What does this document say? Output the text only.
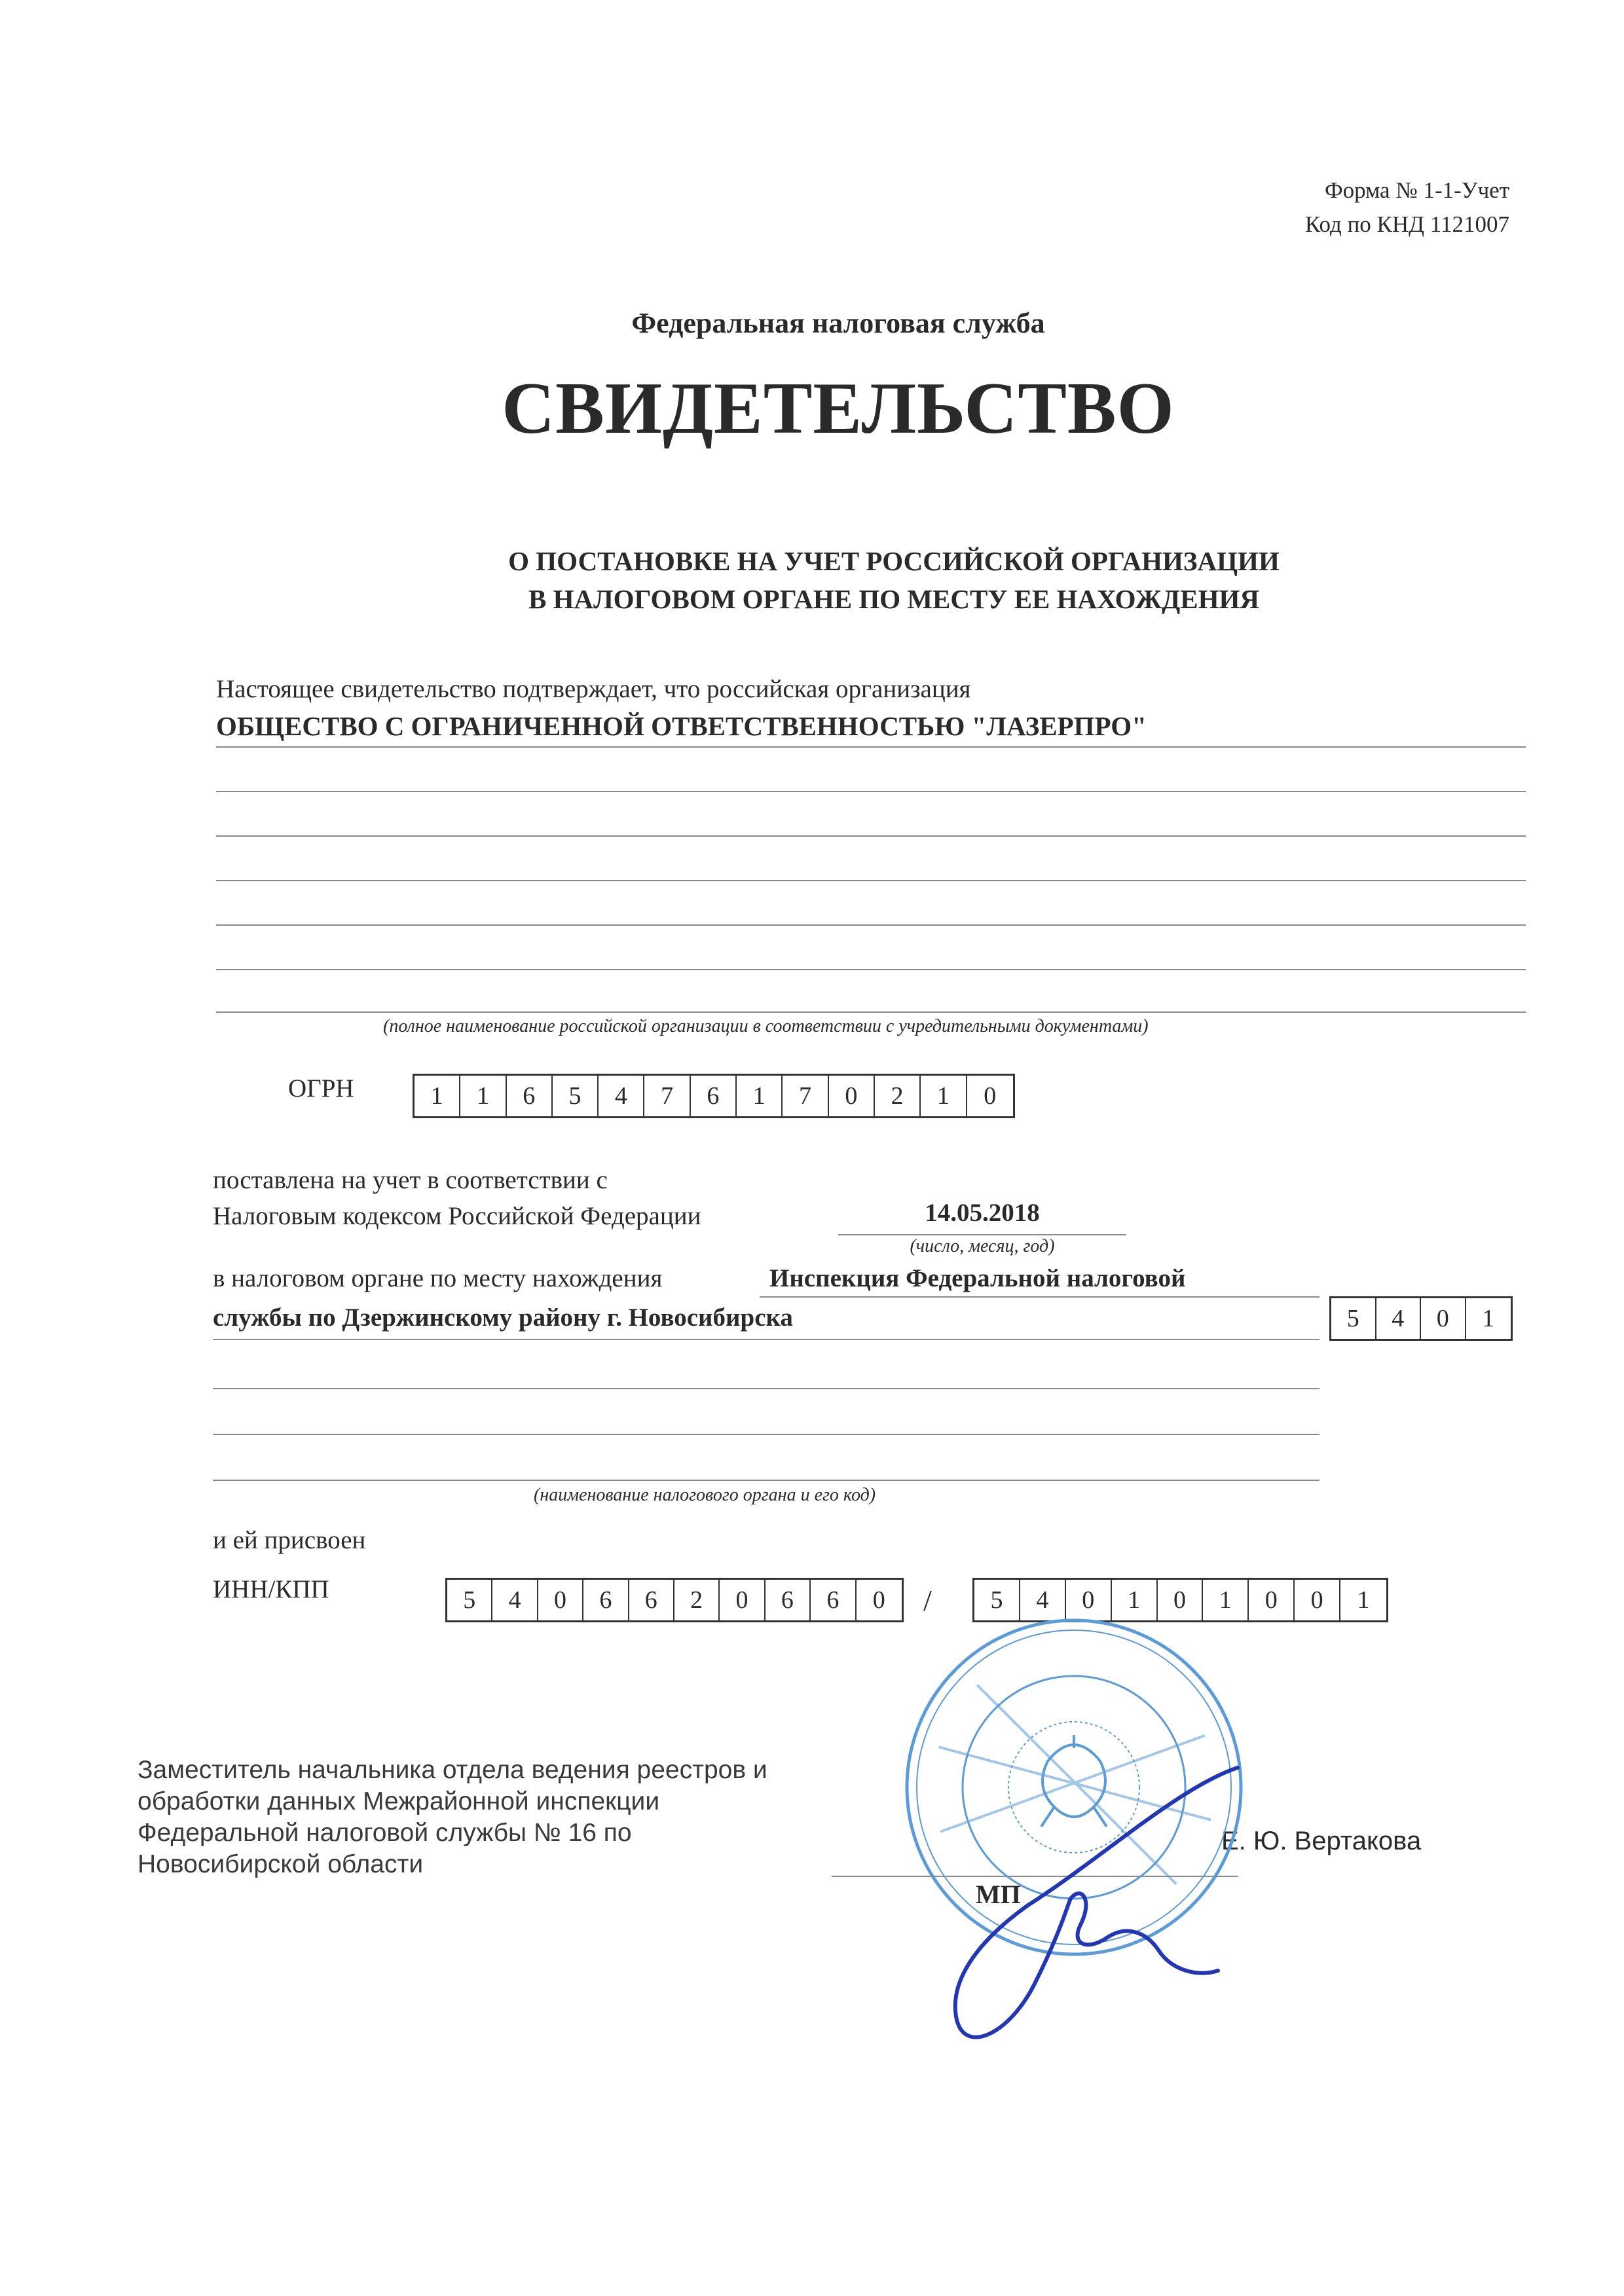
Форма № 1-1-Учет
Код по КНД 1121007
Федеральная налоговая служба
СВИДЕТЕЛЬСТВО
О ПОСТАНОВКЕ НА УЧЕТ РОССИЙСКОЙ ОРГАНИЗАЦИИ
В НАЛОГОВОМ ОРГАНЕ ПО МЕСТУ ЕЕ НАХОЖДЕНИЯ
Настоящее свидетельство подтверждает, что российская организация
ОБЩЕСТВО С ОГРАНИЧЕННОЙ ОТВЕТСТВЕННОСТЬЮ "ЛАЗЕРПРО"
(полное наименование российской организации в соответствии с учредительными документами)
ОГРН	1	1	6	5	4	7	6	1	7	0	2	1	0
поставлена на учет в соответствии с
Налоговым кодексом Российской Федерации	14.05.2018
(число, месяц, год)
в налоговом органе по месту нахождения	Инспекция Федеральной налоговой
службы по Дзержинскому району г. Новосибирска	5	4	0	1
(наименование налогового органа и его код)
и ей присвоен
ИНН/КПП	5	4	0	6	6	2	0	6	6	0	/	5	4	0	1	0	1	0	0	1
Заместитель начальника отдела ведения реестров и
обработки данных Межрайонной инспекции
Федеральной налоговой службы № 16 по
Новосибирской области
Е. Ю. Вертакова
МП
